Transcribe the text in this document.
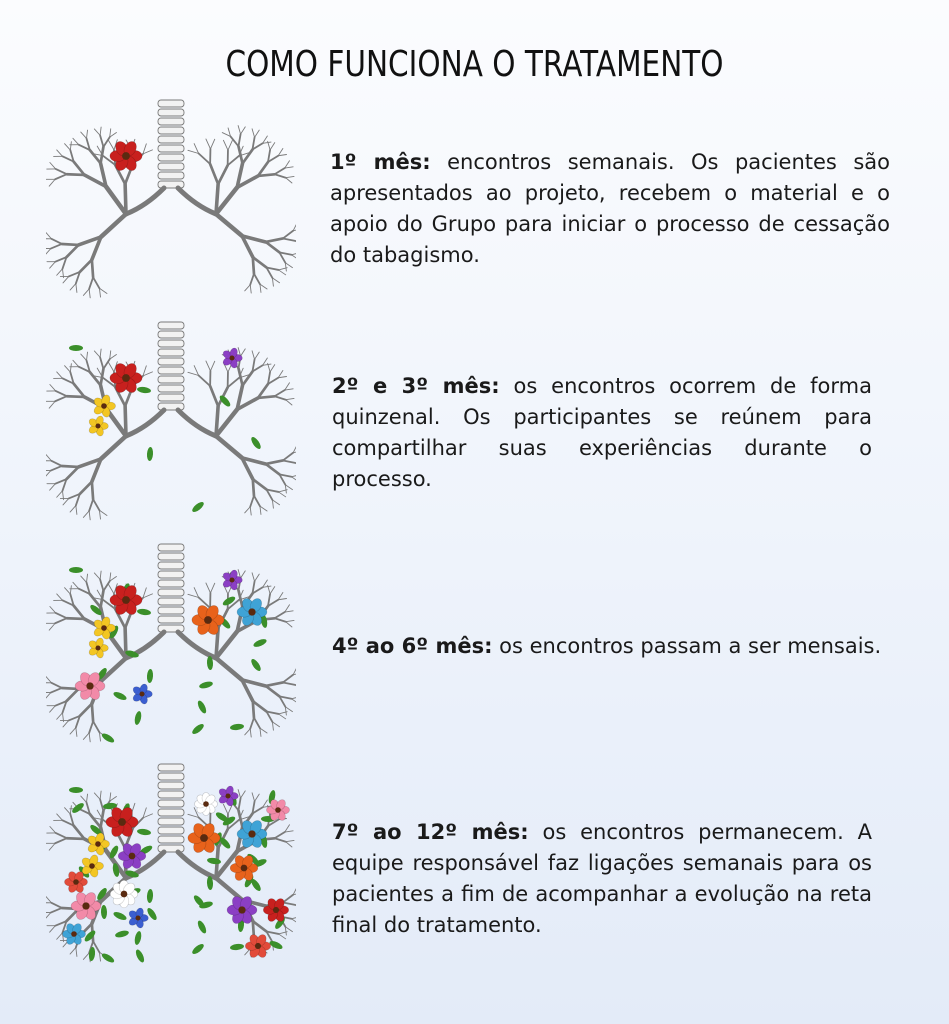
COMO FUNCIONA O TRATAMENTO
1º mês: encontros semanais. Os pacientes são apresentados ao projeto, recebem o material e o apoio do Grupo para iniciar o processo de cessação do tabagismo.
2º e 3º mês: os encontros ocorrem de forma quinzenal. Os participantes se reúnem para compartilhar suas experiências durante o processo.
4º ao 6º mês: os encontros passam a ser mensais.
7º ao 12º mês: os encontros permanecem. A equipe responsável faz ligações semanais para os pacientes a fim de acompanhar a evolução na reta final do tratamento.
